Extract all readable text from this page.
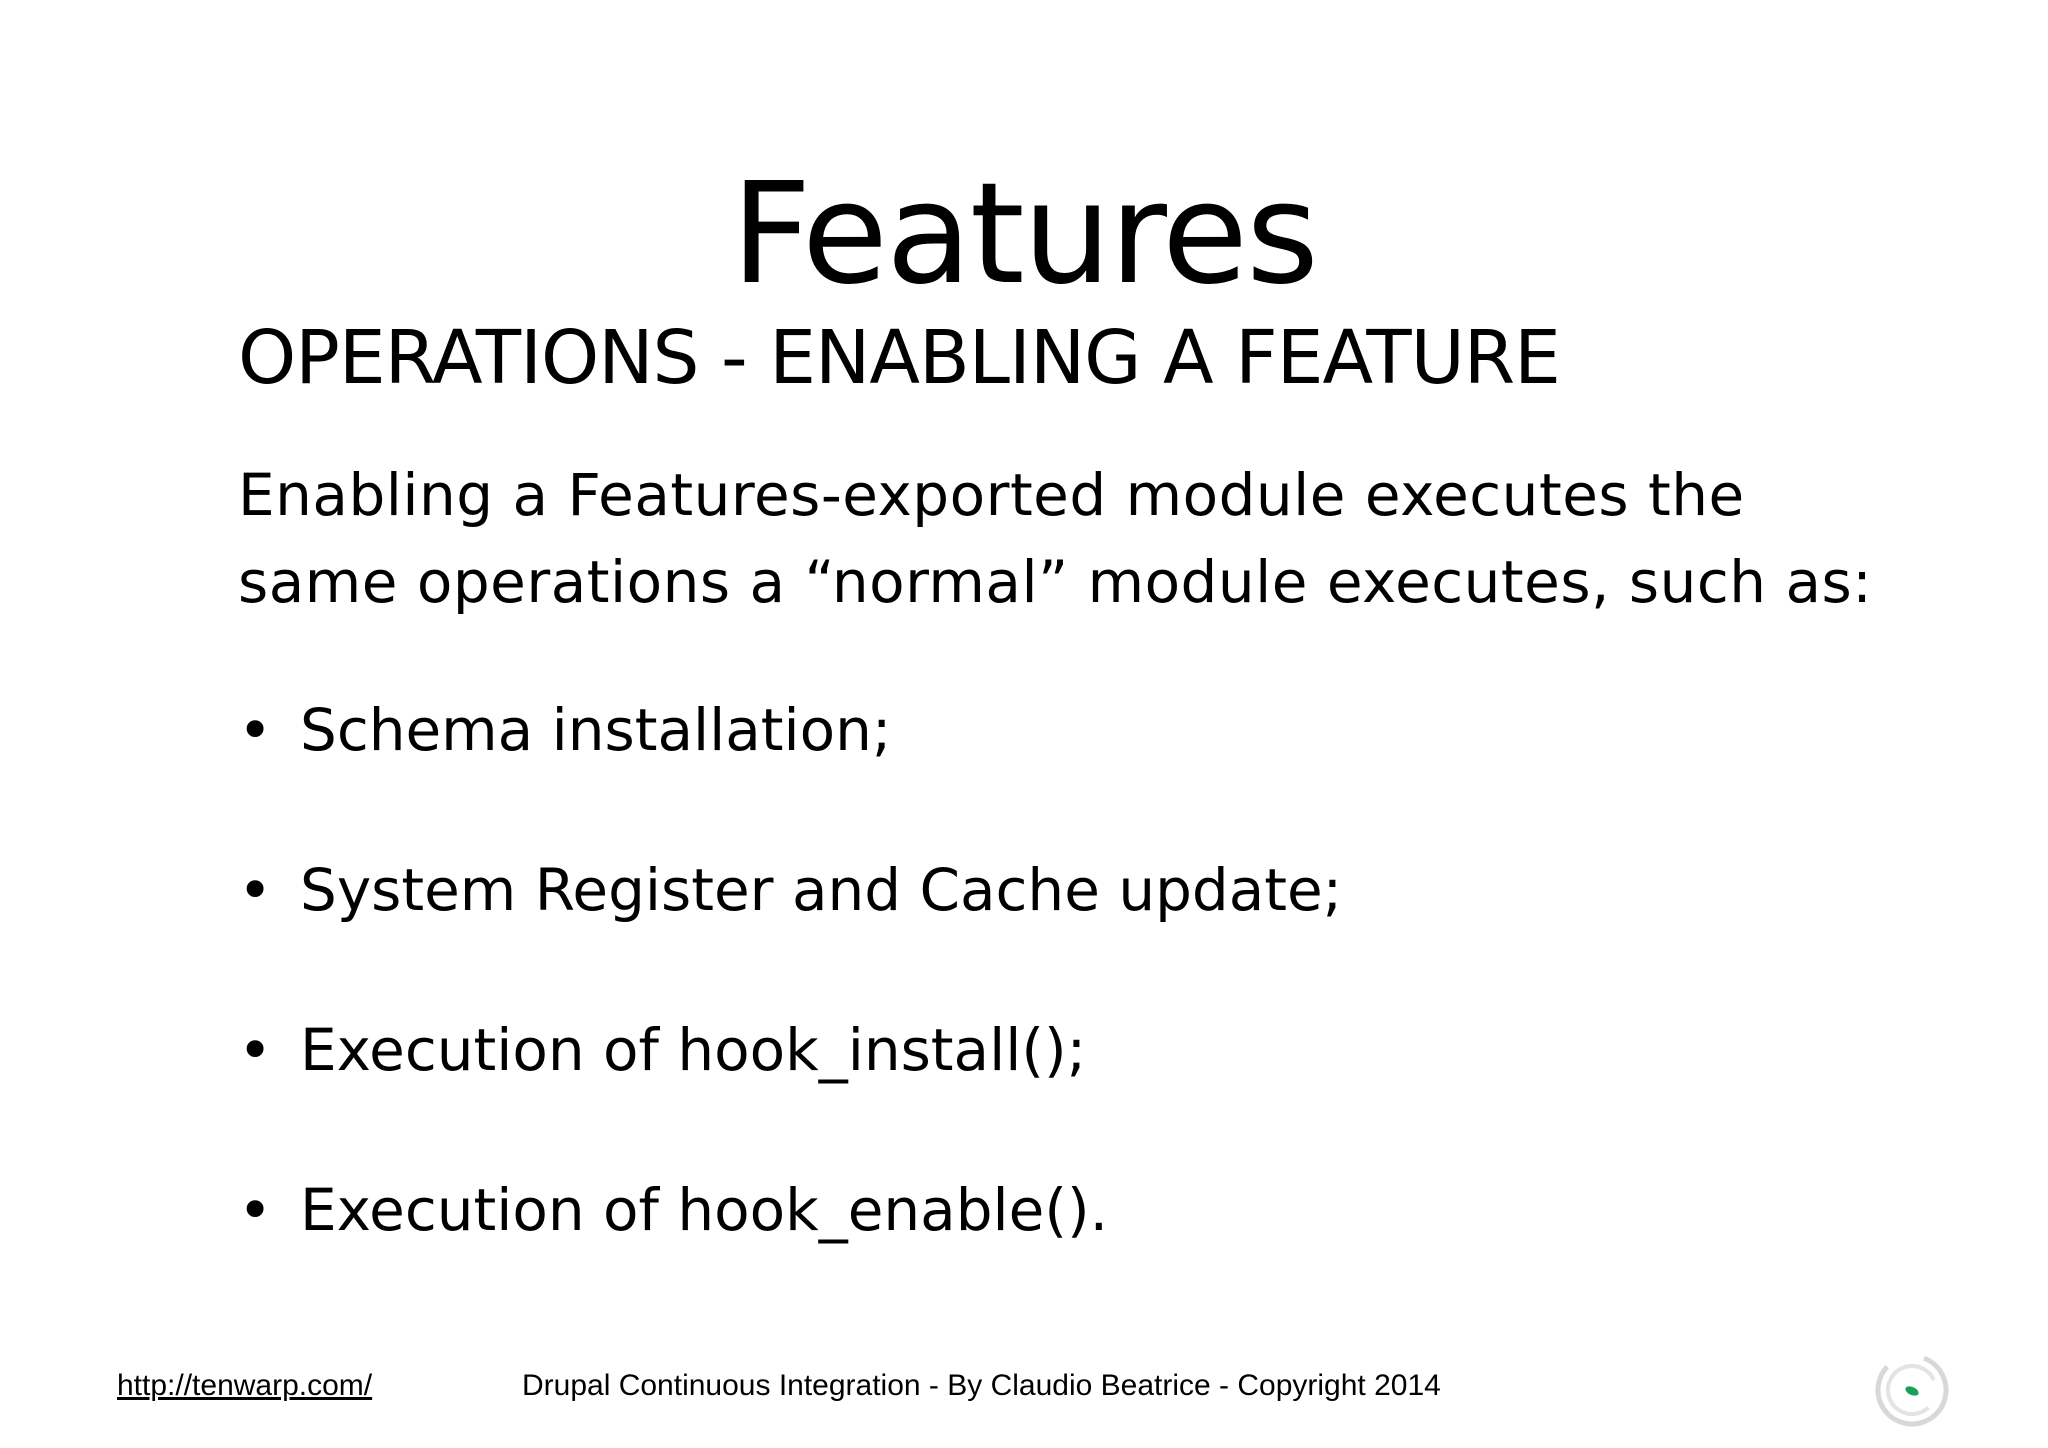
Features
OPERATIONS - ENABLING A FEATURE
Enabling a Features-exported module executes the same operations a “normal” module executes, such as:
• Schema installation;
• System Register and Cache update;
• Execution of hook_install();
• Execution of hook_enable().
http://tenwarp.com/	Drupal Continuous Integration - By Claudio Beatrice - Copyright 2014
